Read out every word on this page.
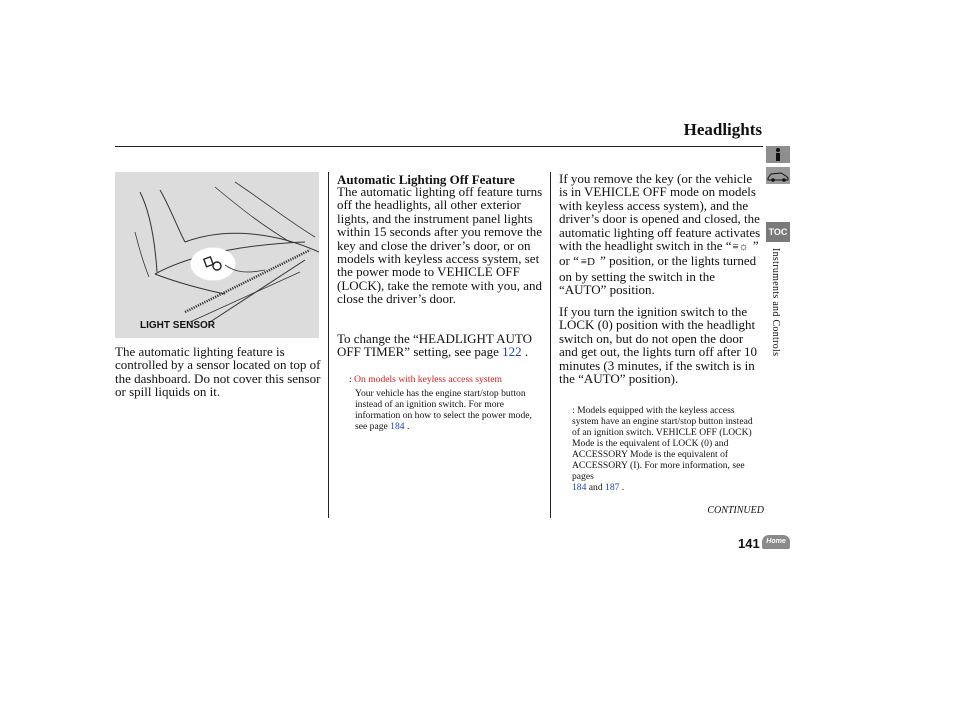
Headlights
LIGHT SENSOR
The automatic lighting feature is controlled by a sensor located on top of the dashboard. Do not cover this sensor or spill liquids on it.
Automatic Lighting Off Feature
The automatic lighting off feature turns off the headlights, all other exterior lights, and the instrument panel lights within 15 seconds after you remove the key and close the driver’s door, or on models with keyless access system, set the power mode to VEHICLE OFF (LOCK), take the remote with you, and close the driver’s door.
To change the “HEADLIGHT AUTO OFF TIMER” setting, see page 122 .
: On models with keyless access system
Your vehicle has the engine start/stop button instead of an ignition switch. For more information on how to select the power mode, see page 184 .
If you remove the key (or the vehicle is in VEHICLE OFF mode on models with keyless access system), and the driver’s door is opened and closed, the automatic lighting off feature activates with the headlight switch in the “≡☼ ” or “ ≡D ” position, or the lights turned on by setting the switch in the “AUTO” position.
If you turn the ignition switch to the LOCK (0) position with the headlight switch on, but do not open the door and get out, the lights turn off after 10 minutes (3 minutes, if the switch is in the “AUTO” position).
: Models equipped with the keyless access system have an engine start/stop button instead of an ignition switch. VEHICLE OFF (LOCK) Mode is the equivalent of LOCK (0) and ACCESSORY Mode is the equivalent of ACCESSORY (I). For more information, see pages
184 and 187 .
CONTINUED
141 Home
TOC
Instruments and Controls
